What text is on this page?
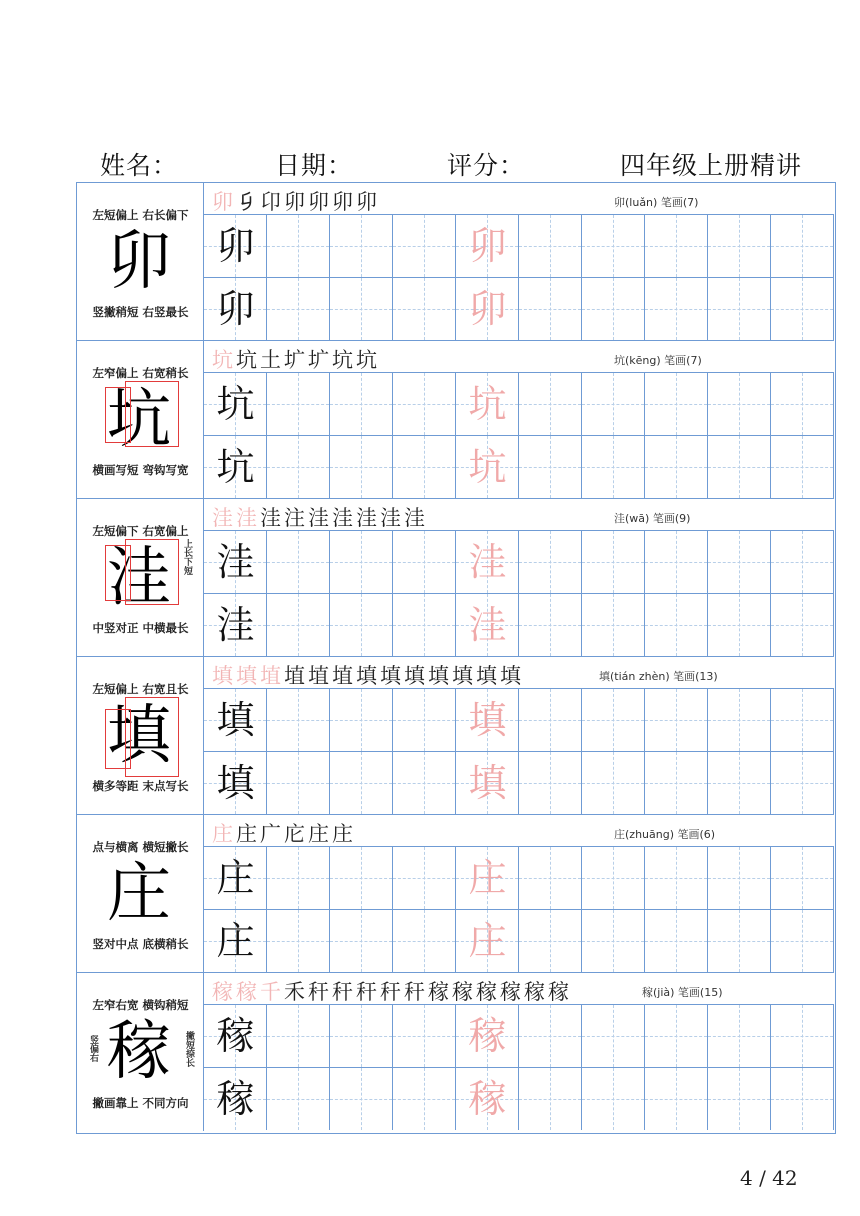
姓名：	日期：	评分：	四年级上册精讲
左短偏上 右长偏下
卯
竖撇稍短 右竖最长
卯𠂎卬卯卯卯卯	卯(luǎn) 笔画(7)
卯	卯
卯	卯
左窄偏上 右宽稍长
坑
横画写短 弯钩写宽
坑坑土圹圹坑坑	坑(kēng) 笔画(7)
坑	坑
坑	坑
左短偏下 右宽偏上
洼	上长下短
中竖对正 中横最长
洼洼洼注洼洼洼洼洼	洼(wā) 笔画(9)
洼	洼
洼	洼
左短偏上 右宽且长
填
横多等距 末点写长
填填埴埴埴埴填填填填填填填	填(tián zhèn) 笔画(13)
填	填
填	填
点与横离 横短撇长
庄
竖对中点 底横稍长
庄庄广庀庄庄	庄(zhuāng) 笔画(6)
庄	庄
庄	庄
左窄右宽 横钩稍短
稼
竖偏右	撇短捺长
撇画靠上 不同方向
稼稼千禾秆秆秆秆秆稼稼稼稼稼稼	稼(jià) 笔画(15)
稼	稼
稼	稼
4 / 42
